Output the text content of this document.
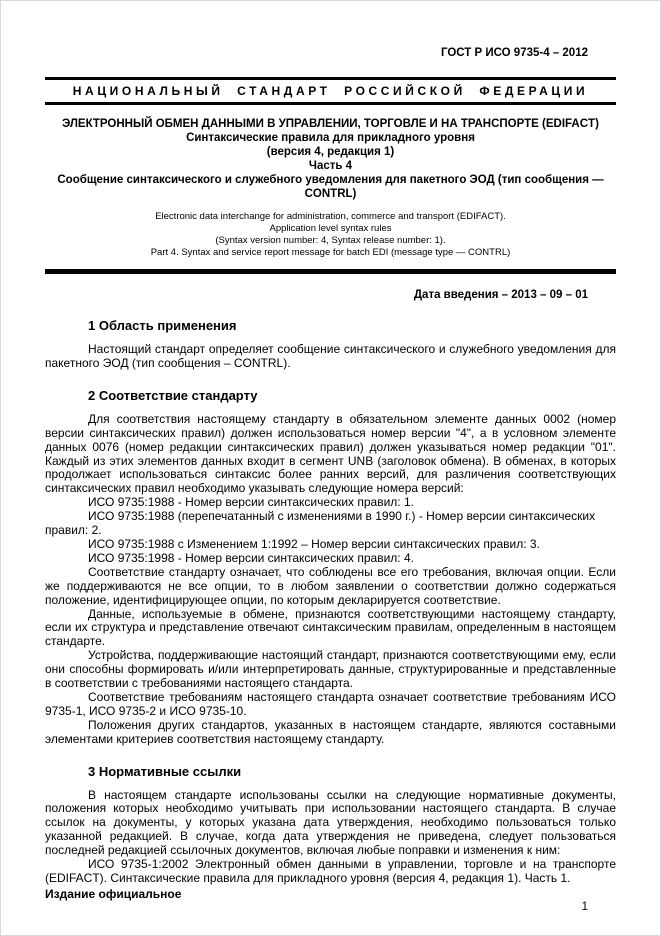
ГОСТ Р ИСО 9735-4 – 2012
НАЦИОНАЛЬНЫЙ СТАНДАРТ РОССИЙСКОЙ ФЕДЕРАЦИИ
ЭЛЕКТРОННЫЙ ОБМЕН ДАННЫМИ В УПРАВЛЕНИИ, ТОРГОВЛЕ И НА ТРАНСПОРТЕ (EDIFACT)
Синтаксические правила для прикладного уровня
(версия 4, редакция 1)
Часть 4
Сообщение синтаксического и служебного уведомления для пакетного ЭОД (тип сообщения — CONTRL)
Electronic data interchange for administration, commerce and transport (EDIFACT).
Application level syntax rules
(Syntax version number: 4, Syntax release number: 1).
Part 4. Syntax and service report message for batch EDI (message type — CONTRL)
Дата введения – 2013 – 09 – 01
1 Область применения

Настоящий стандарт определяет сообщение синтаксического и служебного уведомления для пакетного ЭОД (тип сообщения – CONTRL).

2 Соответствие стандарту

Для соответствия настоящему стандарту в обязательном элементе данных 0002 (номер версии синтаксических правил) должен использоваться номер версии "4", а в условном элементе данных 0076 (номер редакции синтаксических правил) должен указываться номер редакции "01". Каждый из этих элементов данных входит в сегмент UNB (заголовок обмена). В обменах, в которых продолжает использоваться синтаксис более ранних версий, для различения соответствующих синтаксических правил необходимо указывать следующие номера версий:

ИСО 9735:1988 - Номер версии синтаксических правил: 1.

ИСО 9735:1988 (перепечатанный с изменениями в 1990 г.) - Номер версии синтаксических правил: 2.

ИСО 9735:1988 с Изменением 1:1992 – Номер версии синтаксических правил: 3.

ИСО 9735:1998 - Номер версии синтаксических правил: 4.

Соответствие стандарту означает, что соблюдены все его требования, включая опции. Если же поддерживаются не все опции, то в любом заявлении о соответствии должно содержаться положение, идентифицирующее опции, по которым декларируется соответствие.

Данные, используемые в обмене, признаются соответствующими настоящему стандарту, если их структура и представление отвечают синтаксическим правилам, определенным в настоящем стандарте.

Устройства, поддерживающие настоящий стандарт, признаются соответствующими ему, если они способны формировать и/или интерпретировать данные, структурированные и представленные в соответствии с требованиями настоящего стандарта.

Соответствие требованиям настоящего стандарта означает соответствие требованиям ИСО 9735-1, ИСО 9735-2 и ИСО 9735-10.

Положения других стандартов, указанных в настоящем стандарте, являются составными элементами критериев соответствия настоящему стандарту.

3 Нормативные ссылки

В настоящем стандарте использованы ссылки на следующие нормативные документы, положения которых необходимо учитывать при использовании настоящего стандарта. В случае ссылок на документы, у которых указана дата утверждения, необходимо пользоваться только указанной редакцией. В случае, когда дата утверждения не приведена, следует пользоваться последней редакцией ссылочных документов, включая любые поправки и изменения к ним:

ИСО 9735-1:2002 Электронный обмен данными в управлении, торговле и на транспорте (EDIFACT). Синтаксические правила для прикладного уровня (версия 4, редакция 1). Часть 1.

Издание официальное
1
